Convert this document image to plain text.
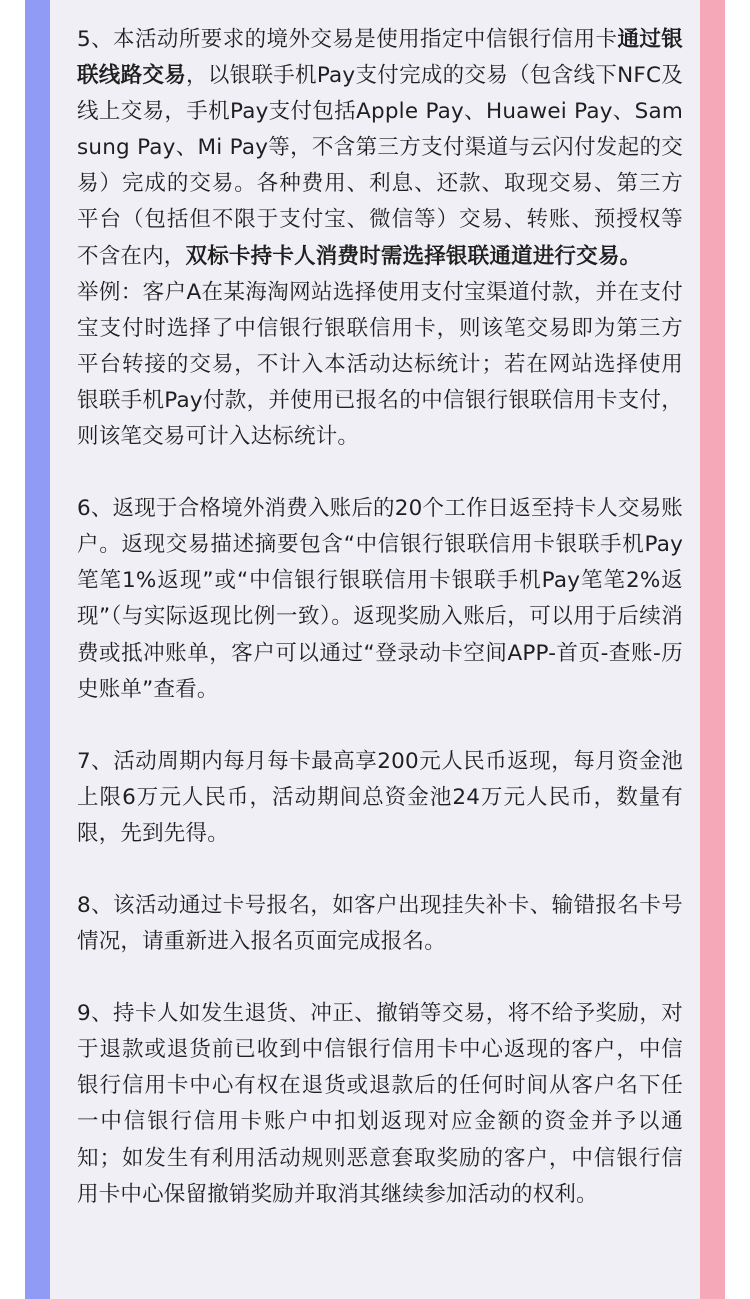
5、本活动所要求的境外交易是使用指定中信银行信用卡通过银联线路交易，以银联手机Pay支付完成的交易（包含线下NFC及线上交易，手机Pay支付包括Apple Pay、Huawei Pay、Samsung Pay、Mi Pay等，不含第三方支付渠道与云闪付发起的交易）完成的交易。各种费用、利息、还款、取现交易、第三方平台（包括但不限于支付宝、微信等）交易、转账、预授权等不含在内，双标卡持卡人消费时需选择银联通道进行交易。

举例：客户A在某海淘网站选择使用支付宝渠道付款，并在支付宝支付时选择了中信银行银联信用卡，则该笔交易即为第三方平台转接的交易，不计入本活动达标统计；若在网站选择使用银联手机Pay付款，并使用已报名的中信银行银联信用卡支付，则该笔交易可计入达标统计。

6、返现于合格境外消费入账后的20个工作日返至持卡人交易账户。返现交易描述摘要包含“中信银行银联信用卡银联手机Pay笔笔1%返现”或“中信银行银联信用卡银联手机Pay笔笔2%返现”（与实际返现比例一致）。返现奖励入账后，可以用于后续消费或抵冲账单，客户可以通过“登录动卡空间APP-首页-查账-历史账单”查看。

7、活动周期内每月每卡最高享200元人民币返现，每月资金池上限6万元人民币，活动期间总资金池24万元人民币，数量有限，先到先得。

8、该活动通过卡号报名，如客户出现挂失补卡、输错报名卡号情况，请重新进入报名页面完成报名。

9、持卡人如发生退货、冲正、撤销等交易，将不给予奖励，对于退款或退货前已收到中信银行信用卡中心返现的客户，中信银行信用卡中心有权在退货或退款后的任何时间从客户名下任一中信银行信用卡账户中扣划返现对应金额的资金并予以通知；如发生有利用活动规则恶意套取奖励的客户，中信银行信用卡中心保留撤销奖励并取消其继续参加活动的权利。
